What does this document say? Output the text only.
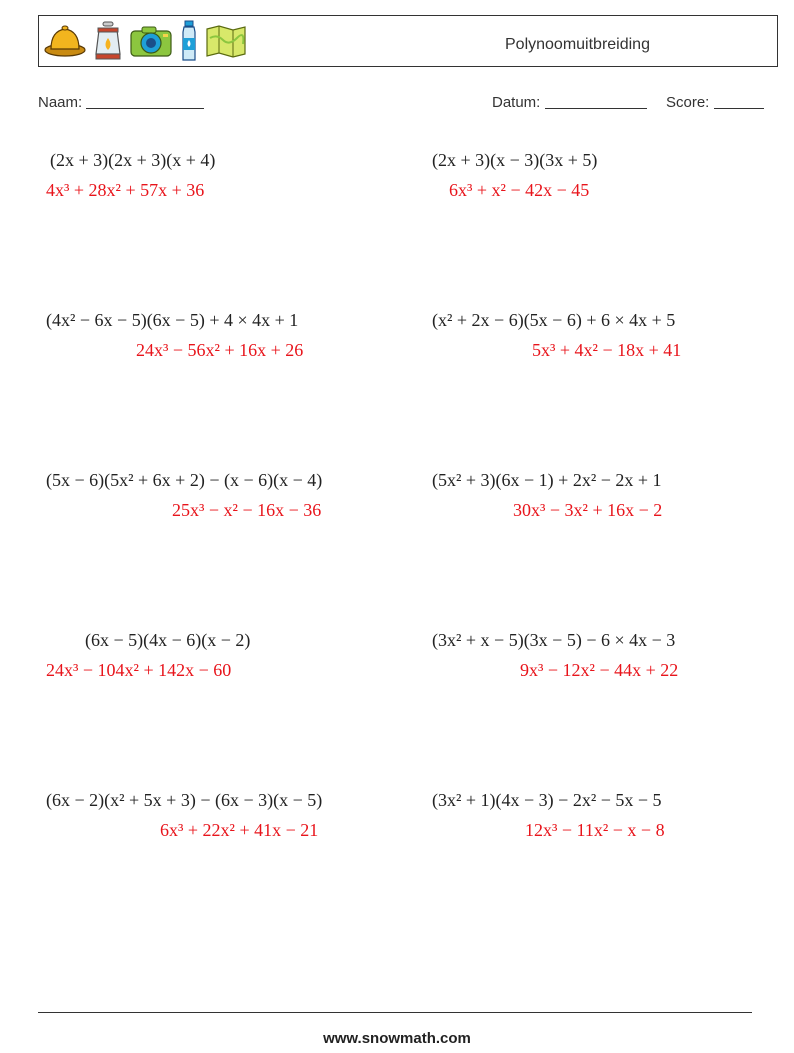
Polynoomuitbreiding
Naam:	Datum:	Score:
(2x + 3)(2x + 3)(x + 4)
4x³ + 28x² + 57x + 36
(2x + 3)(x − 3)(3x + 5)
6x³ + x² − 42x − 45
(4x² − 6x − 5)(6x − 5) + 4 × 4x + 1
24x³ − 56x² + 16x + 26
(x² + 2x − 6)(5x − 6) + 6 × 4x + 5
5x³ + 4x² − 18x + 41
(5x − 6)(5x² + 6x + 2) − (x − 6)(x − 4)
25x³ − x² − 16x − 36
(5x² + 3)(6x − 1) + 2x² − 2x + 1
30x³ − 3x² + 16x − 2
(6x − 5)(4x − 6)(x − 2)
24x³ − 104x² + 142x − 60
(3x² + x − 5)(3x − 5) − 6 × 4x − 3
9x³ − 12x² − 44x + 22
(6x − 2)(x² + 5x + 3) − (6x − 3)(x − 5)
6x³ + 22x² + 41x − 21
(3x² + 1)(4x − 3) − 2x² − 5x − 5
12x³ − 11x² − x − 8
www.snowmath.com
